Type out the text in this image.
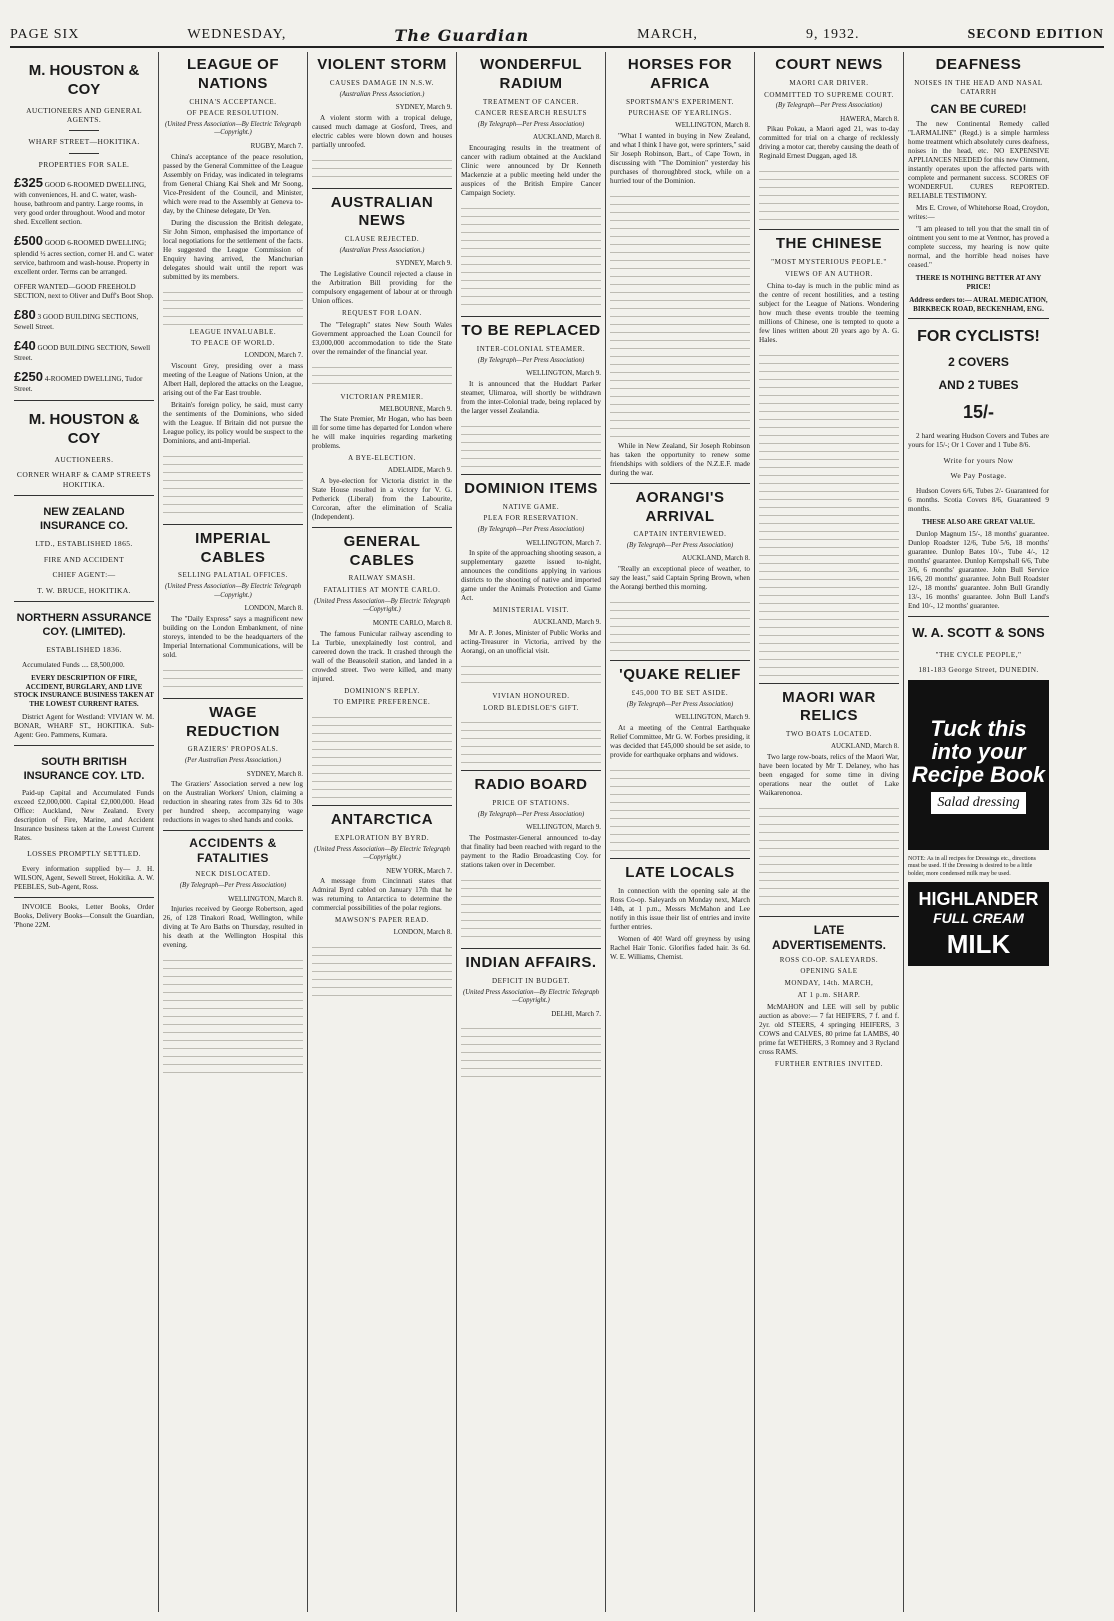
PAGE SIX	WEDNESDAY,	The Guardian	MARCH,	9, 1932.	SECOND EDITION
M. HOUSTON & COY
AUCTIONEERS AND GENERAL AGENTS.
WHARF STREET—HOKITIKA.
PROPERTIES FOR SALE.
£325 GOOD 6-ROOMED DWELLING, with conveniences, H. and C. water, wash-house, bathroom and pantry. Large rooms, in very good order throughout. Wood and motor shed. Excellent section.
£500 GOOD 6-ROOMED DWELLING; splendid ½ acres section, corner H. and C. water service, bathroom and wash-house. Property in excellent order. Terms can be arranged.
OFFER WANTED—GOOD FREEHOLD SECTION, next to Oliver and Duff's Boot Shop.
£80 3 GOOD BUILDING SECTIONS, Sewell Street.
£40 GOOD BUILDING SECTION, Sewell Street.
£250 4-ROOMED DWELLING, Tudor Street.
M. HOUSTON & COY
AUCTIONEERS.
CORNER WHARF & CAMP STREETS HOKITIKA.
NEW ZEALAND INSURANCE CO.
LTD., ESTABLISHED 1865.
FIRE AND ACCIDENT
CHIEF AGENT:—
T. W. BRUCE, HOKITIKA.
NORTHERN ASSURANCE COY. (LIMITED).
ESTABLISHED 1836.

Accumulated Funds .... £8,500,000.

EVERY DESCRIPTION OF FIRE, ACCIDENT, BURGLARY, AND LIVE STOCK INSURANCE BUSINESS TAKEN AT THE LOWEST CURRENT RATES.

District Agent for Westland: VIVIAN W. M. BONAR, WHARF ST., HOKITIKA. Sub-Agent: Geo. Pammens, Kumara.

SOUTH BRITISH INSURANCE COY. LTD.

Paid-up Capital and Accumulated Funds exceed £2,000,000. Capital £2,000,000. Head Office: Auckland, New Zealand. Every description of Fire, Marine, and Accident Insurance business taken at the Lowest Current Rates.

LOSSES PROMPTLY SETTLED.

Every information supplied by— J. H. WILSON, Agent, Sewell Street, Hokitika. A. W. PEEBLES, Sub-Agent, Ross.

INVOICE Books, Letter Books, Order Books, Delivery Books—Consult the Guardian, 'Phone 22M.

LEAGUE OF NATIONS
CHINA'S ACCEPTANCE.
OF PEACE RESOLUTION.
(United Press Association—By Electric Telegraph—Copyright.)
RUGBY, March 7.

China's acceptance of the peace resolution, passed by the General Committee of the League Assembly on Friday, was indicated in telegrams from General Chiang Kai Shek and Mr Soong, Vice-President of the Council, and Minister, which were read to the Assembly at Geneva to-day, by the Chinese delegate, Dr Yen.

During the discussion the British delegate, Sir John Simon, emphasised the importance of local negotiations for the settlement of the facts. He suggested the League Commission of Enquiry having arrived, the Manchurian delegates should wait until the report was submitted by its members.

LEAGUE INVALUABLE.
TO PEACE OF WORLD.
LONDON, March 7.

Viscount Grey, presiding over a mass meeting of the League of Nations Union, at the Albert Hall, deplored the attacks on the League, arising out of the Far East trouble.

Britain's foreign policy, he said, must carry the sentiments of the Dominions, who sided with the League. If Britain did not pursue the League policy, its policy would be suspect to the Dominions, and anti-Imperial.

IMPERIAL CABLES
SELLING PALATIAL OFFICES.
(United Press Association—By Electric Telegraph—Copyright.)
LONDON, March 8.

The "Daily Express" says a magnificent new building on the London Embankment, of nine storeys, intended to be the headquarters of the Imperial International Communications, will be sold.

WAGE REDUCTION
GRAZIERS' PROPOSALS.
(Per Australian Press Association.)
SYDNEY, March 8.

The Graziers' Association served a new log on the Australian Workers' Union, claiming a reduction in shearing rates from 32s 6d to 30s per hundred sheep, accompanying wage reductions in wages to shed hands and cooks.

ACCIDENTS & FATALITIES
NECK DISLOCATED.
(By Telegraph—Per Press Association)
WELLINGTON, March 8.

Injuries received by George Robertson, aged 26, of 128 Tinakori Road, Wellington, while diving at Te Aro Baths on Thursday, resulted in his death at the Wellington Hospital this evening.

VIOLENT STORM
CAUSES DAMAGE IN N.S.W.
(Australian Press Association.)
SYDNEY, March 9.

A violent storm with a tropical deluge, caused much damage at Gosford, Trees, and electric cables were blown down and houses partially unroofed.

AUSTRALIAN NEWS
CLAUSE REJECTED.
(Australian Press Association.)
SYDNEY, March 9.

The Legislative Council rejected a clause in the Arbitration Bill providing for the compulsory engagement of labour at or through Union offices.

REQUEST FOR LOAN.

The "Telegraph" states New South Wales Government approached the Loan Council for £3,000,000 accommodation to tide the State over the remainder of the financial year.

VICTORIAN PREMIER.
MELBOURNE, March 9.

The State Premier, Mr Hogan, who has been ill for some time has departed for London where he will make inquiries regarding marketing problems.

A BYE-ELECTION.
ADELAIDE, March 9.

A bye-election for Victoria district in the State House resulted in a victory for V. G. Petherick (Liberal) from the Labourite, Corcoran, after the elimination of Scalia (Independent).

GENERAL CABLES
RAILWAY SMASH.
FATALITIES AT MONTE CARLO.
(United Press Association—By Electric Telegraph—Copyright.)
MONTE CARLO, March 8.

The famous Funicular railway ascending to La Turbie, unexplainedly lost control, and careered down the track. It crashed through the wall of the Beausoleil station, and landed in a crowded street. Two were killed, and many injured.

DOMINION'S REPLY.
TO EMPIRE PREFERENCE.
ANTARCTICA
EXPLORATION BY BYRD.
(United Press Association—By Electric Telegraph—Copyright.)
NEW YORK, March 7.

A message from Cincinnati states that Admiral Byrd cabled on January 17th that he was returning to Antarctica to determine the commercial possibilities of the polar regions.

MAWSON'S PAPER READ.
LONDON, March 8.
WONDERFUL RADIUM
TREATMENT OF CANCER.
CANCER RESEARCH RESULTS
(By Telegraph—Per Press Association)
AUCKLAND, March 8.

Encouraging results in the treatment of cancer with radium obtained at the Auckland Clinic were announced by Dr Kenneth Mackenzie at a public meeting held under the auspices of the British Empire Cancer Campaign Society.

TO BE REPLACED
INTER-COLONIAL STEAMER.
(By Telegraph—Per Press Association)
WELLINGTON, March 9.

It is announced that the Huddart Parker steamer, Ulimaroa, will shortly be withdrawn from the inter-Colonial trade, being replaced by the larger vessel Zealandia.

DOMINION ITEMS
NATIVE GAME.
PLEA FOR RESERVATION.
(By Telegraph—Per Press Association)
WELLINGTON, March 7.

In spite of the approaching shooting season, a supplementary gazette issued to-night, announces the conditions applying in various districts to the shooting of native and imported game under the Animals Protection and Game Act.

MINISTERIAL VISIT.
AUCKLAND, March 9.

Mr A. P. Jones, Minister of Public Works and acting-Treasurer in Victoria, arrived by the Aorangi, on an unofficial visit.

VIVIAN HONOURED.
LORD BLEDISLOE'S GIFT.
RADIO BOARD
PRICE OF STATIONS.
(By Telegraph—Per Press Association)
WELLINGTON, March 9.

The Postmaster-General announced to-day that finality had been reached with regard to the payment to the Radio Broadcasting Coy. for stations taken over in December.

INDIAN AFFAIRS.
DEFICIT IN BUDGET.
(United Press Association—By Electric Telegraph—Copyright.)
DELHI, March 7.
HORSES FOR AFRICA
SPORTSMAN'S EXPERIMENT.
PURCHASE OF YEARLINGS.
WELLINGTON, March 8.

"What I wanted in buying in New Zealand, and what I think I have got, were sprinters," said Sir Joseph Robinson, Bart., of Cape Town, in discussing with "The Dominion" yesterday his purchases of thoroughbred stock, while on a hurried tour of the Dominion.

While in New Zealand, Sir Joseph Robinson has taken the opportunity to renew some friendships with soldiers of the N.Z.E.F. made during the war.

AORANGI'S ARRIVAL
CAPTAIN INTERVIEWED.
(By Telegraph—Per Press Association)
AUCKLAND, March 8.

"Really an exceptional piece of weather, to say the least," said Captain Spring Brown, when the Aorangi berthed this morning.

'QUAKE RELIEF
£45,000 TO BE SET ASIDE.
(By Telegraph—Per Press Association)
WELLINGTON, March 9.

At a meeting of the Central Earthquake Relief Committee, Mr G. W. Forbes presiding, it was decided that £45,000 should be set aside, to provide for earthquake orphans and widows.

LATE LOCALS

In connection with the opening sale at the Ross Co-op. Saleyards on Monday next, March 14th, at 1 p.m., Messrs McMahon and Lee notify in this issue their list of entries and invite further entries.

Women of 40! Ward off greyness by using Rachel Hair Tonic. Glorifies faded hair. 3s 6d. W. E. Williams, Chemist.

COURT NEWS
MAORI CAR DRIVER.
COMMITTED TO SUPREME COURT.
(By Telegraph—Per Press Association)
HAWERA, March 8.

Pikau Pokau, a Maori aged 21, was to-day committed for trial on a charge of recklessly driving a motor car, thereby causing the death of Reginald Ernest Duggan, aged 18.

THE CHINESE
"MOST MYSTERIOUS PEOPLE."
VIEWS OF AN AUTHOR.

China to-day is much in the public mind as the centre of recent hostilities, and a testing subject for the League of Nations. Wondering how much these events trouble the teeming millions of Chinese, one is tempted to quote a few lines written about 20 years ago by A. G. Hales.

MAORI WAR RELICS
TWO BOATS LOCATED.
AUCKLAND, March 8.

Two large row-boats, relics of the Maori War, have been located by Mr T. Delaney, who has been engaged for some time in diving operations near the outlet of Lake Waikarenonoa.

LATE ADVERTISEMENTS.
ROSS CO-OP. SALEYARDS.
OPENING SALE
MONDAY, 14th. MARCH,
AT 1 p.m. SHARP.

McMAHON and LEE will sell by public auction as above:— 7 fat HEIFERS, 7 f. and f. 2yr. old STEERS, 4 springing HEIFERS, 3 COWS and CALVES, 80 prime fat LAMBS, 40 prime fat WETHERS, 3 Romney and 3 Rycland cross RAMS.

FURTHER ENTRIES INVITED.
DEAFNESS
NOISES IN THE HEAD AND NASAL CATARRH
CAN BE CURED!

The new Continental Remedy called "LARMALINE" (Regd.) is a simple harmless home treatment which absolutely cures deafness, noises in the head, etc. NO EXPENSIVE APPLIANCES NEEDED for this new Ointment, instantly operates upon the affected parts with complete and permanent success. SCORES OF WONDERFUL CURES REPORTED. RELIABLE TESTIMONY.

Mrs E. Crowe, of Whitehorse Road, Croydon, writes:—

"I am pleased to tell you that the small tin of ointment you sent to me at Ventnor, has proved a complete success, my hearing is now quite normal, and the horrible head noises have ceased."

THERE IS NOTHING BETTER AT ANY PRICE!
Address orders to:— AURAL MEDICATION, BIRKBECK ROAD, BECKENHAM, ENG.
FOR CYCLISTS!
2 COVERS
AND 2 TUBES
15/-

2 hard wearing Hudson Covers and Tubes are yours for 15/-; Or 1 Cover and 1 Tube 8/6.

Write for yours Now
We Pay Postage.

Hudson Covers 6/6, Tubes 2/- Guaranteed for 6 months. Scotia Covers 8/6, Guaranteed 9 months.

THESE ALSO ARE GREAT VALUE.

Dunlop Magnum 15/-, 18 months' guarantee. Dunlop Roadster 12/6, Tube 5/6, 18 months' guarantee. Dunlop Bates 10/-, Tube 4/-, 12 months' guarantee. Dunlop Kempshall 6/6, Tube 3/6, 6 months' guarantee. John Bull Service 16/6, 20 months' guarantee. John Bull Roadster 12/-, 18 months' guarantee. John Bull Grandly 13/-, 16 months' guarantee. John Bull Land's End 10/-, 12 months' guarantee.

W. A. SCOTT & SONS
"THE CYCLE PEOPLE,"
181-183 George Street, DUNEDIN.
Tuck this into your Recipe Book
Salad dressing
NOTE: As in all recipes for Dressings etc., directions must be used. If the Dressing is desired to be a little bolder, more condensed milk may be used.
HIGHLANDER
FULL CREAM
MILK
